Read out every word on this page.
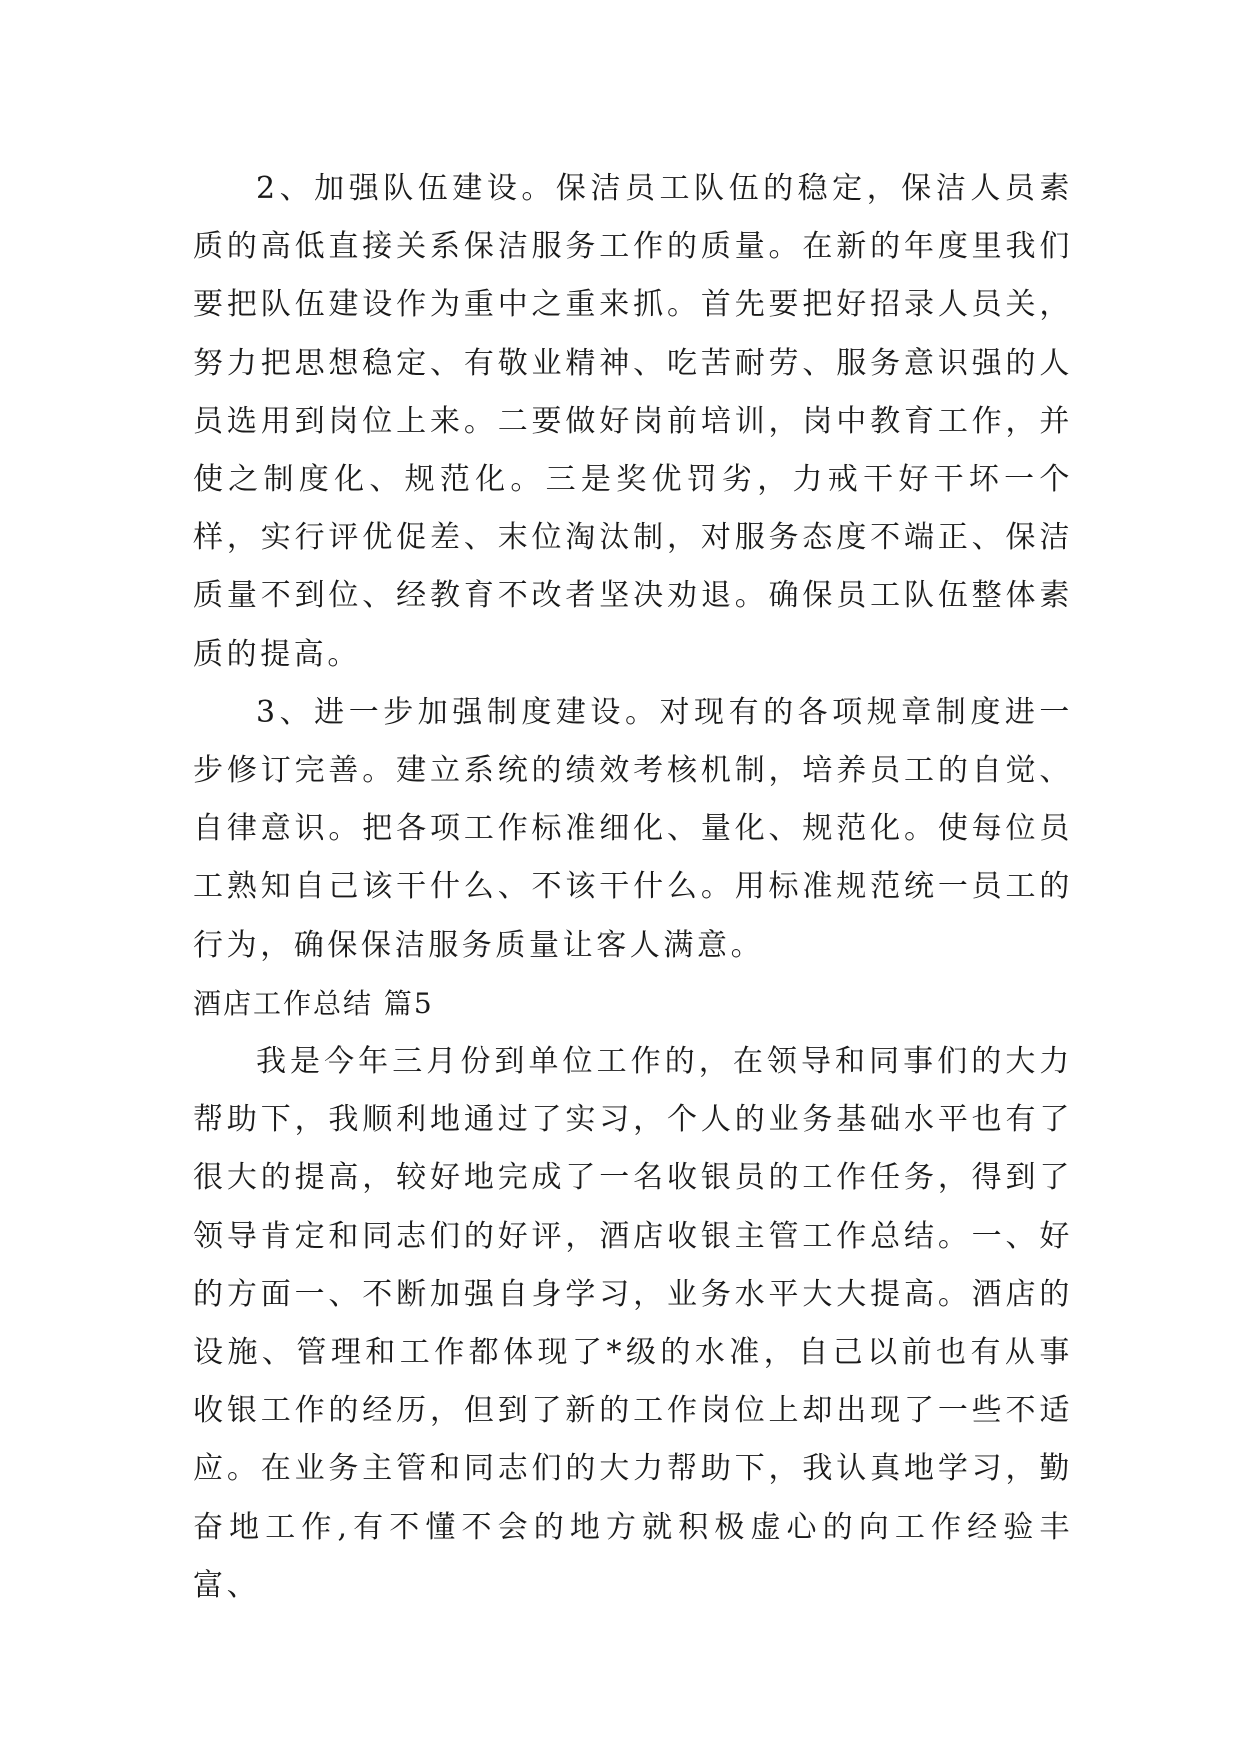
2、加强队伍建设。保洁员工队伍的稳定，保洁人员素质的高低直接关系保洁服务工作的质量。在新的年度里我们要把队伍建设作为重中之重来抓。首先要把好招录人员关，努力把思想稳定、有敬业精神、吃苦耐劳、服务意识强的人员选用到岗位上来。二要做好岗前培训，岗中教育工作，并使之制度化、规范化。三是奖优罚劣，力戒干好干坏一个样，实行评优促差、末位淘汰制，对服务态度不端正、保洁质量不到位、经教育不改者坚决劝退。确保员工队伍整体素质的提高。

3、进一步加强制度建设。对现有的各项规章制度进一步修订完善。建立系统的绩效考核机制，培养员工的自觉、自律意识。把各项工作标准细化、量化、规范化。使每位员工熟知自己该干什么、不该干什么。用标准规范统一员工的行为，确保保洁服务质量让客人满意。

酒店工作总结 篇5

我是今年三月份到单位工作的，在领导和同事们的大力帮助下，我顺利地通过了实习，个人的业务基础水平也有了很大的提高，较好地完成了一名收银员的工作任务，得到了领导肯定和同志们的好评，酒店收银主管工作总结。一、好的方面一、不断加强自身学习，业务水平大大提高。酒店的设施、管理和工作都体现了*级的水准，自己以前也有从事收银工作的经历，但到了新的工作岗位上却出现了一些不适应。在业务主管和同志们的大力帮助下，我认真地学习，勤奋地工作,有不懂不会的地方就积极虚心的向工作经验丰富、
